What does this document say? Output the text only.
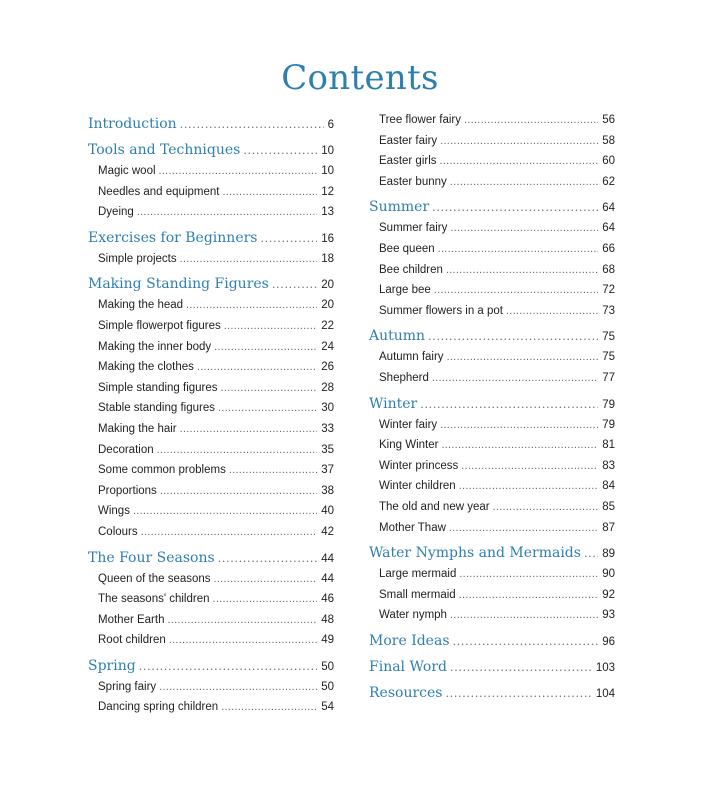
Contents
Introduction . . .	6
Tools and Techniques . . .	10
Magic wool . . .	10
Needles and equipment . . .	12
Dyeing . . .	13
Exercises for Beginners . . .	16
Simple projects . . .	18
Making Standing Figures . . .	20
Making the head . . .	20
Simple flowerpot figures . . .	22
Making the inner body . . .	24
Making the clothes . . .	26
Simple standing figures . . .	28
Stable standing figures . . .	30
Making the hair . . .	33
Decoration . . .	35
Some common problems . . .	37
Proportions . . .	38
Wings . . .	40
Colours . . .	42
The Four Seasons . . .	44
Queen of the seasons . . .	44
The seasons' children . . .	46
Mother Earth . . .	48
Root children . . .	49
Spring . . .	50
Spring fairy . . .	50
Dancing spring children . . .	54
Tree flower fairy . . .	56
Easter fairy . . .	58
Easter girls . . .	60
Easter bunny . . .	62
Summer . . .	64
Summer fairy . . .	64
Bee queen . . .	66
Bee children . . .	68
Large bee . . .	72
Summer flowers in a pot . . .	73
Autumn . . .	75
Autumn fairy . . .	75
Shepherd . . .	77
Winter . . .	79
Winter fairy . . .	79
King Winter . . .	81
Winter princess . . .	83
Winter children . . .	84
The old and new year . . .	85
Mother Thaw . . .	87
Water Nymphs and Mermaids . . . 89
Large mermaid . . .	90
Small mermaid . . .	92
Water nymph . . .	93
More Ideas . . .	96
Final Word . . .	103
Resources . . .	104
